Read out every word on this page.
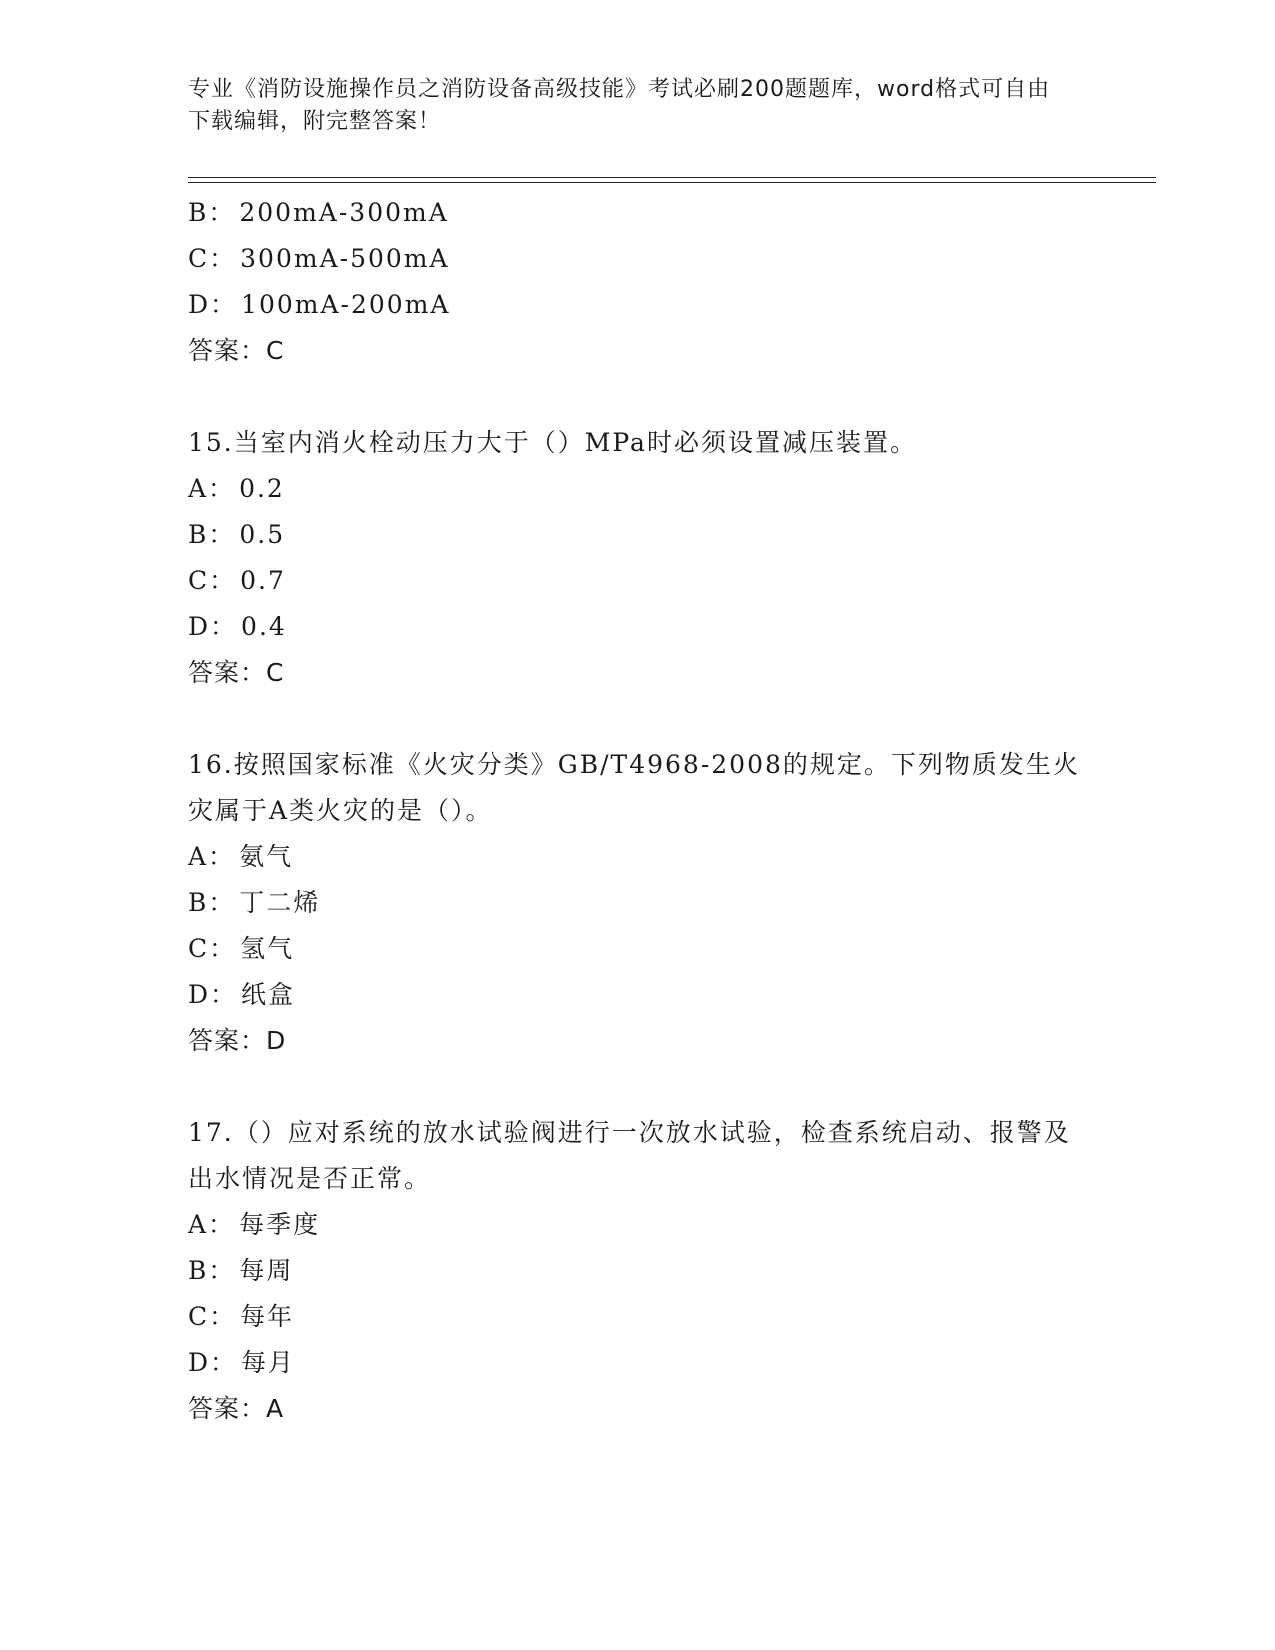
专业《消防设施操作员之消防设备高级技能》考试必刷200题题库，word格式可自由下载编辑，附完整答案！
B： 200mA-300mA
C： 300mA-500mA
D： 100mA-200mA
答案：C
15.当室内消火栓动压力大于（）MPa时必须设置减压装置。
A： 0.2
B： 0.5
C： 0.7
D： 0.4
答案：C
16.按照国家标准《火灾分类》GB/T4968-2008的规定。下列物质发生火灾属于A类火灾的是（）。
A： 氨气
B： 丁二烯
C： 氢气
D： 纸盒
答案：D
17.（）应对系统的放水试验阀进行一次放水试验，检查系统启动、报警及出水情况是否正常。
A： 每季度
B： 每周
C： 每年
D： 每月
答案：A
